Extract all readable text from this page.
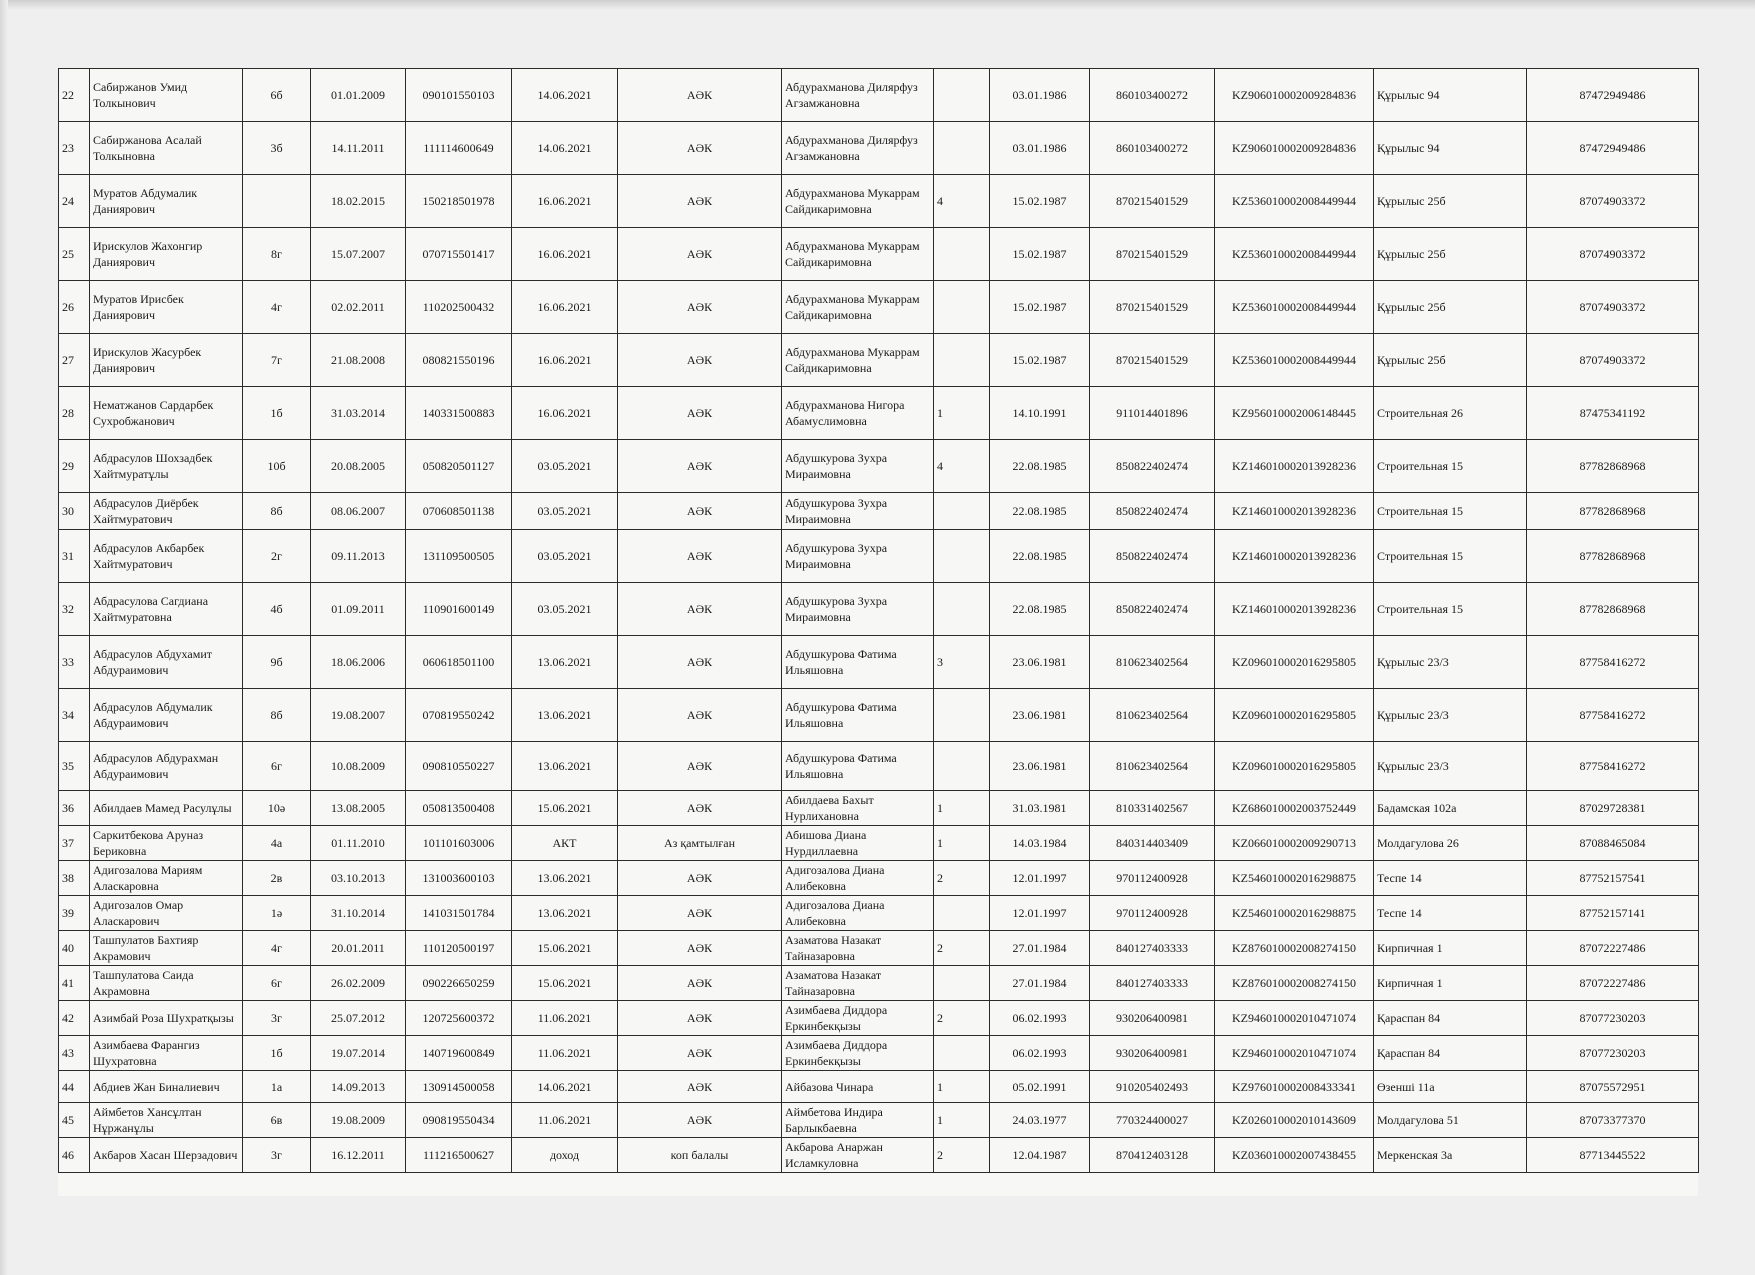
22	Сабиржанов Умид Толкынович	6б	01.01.2009	090101550103	14.06.2021	АӘК	Абдурахманова Дилярфуз Агзамжановна		03.01.1986	860103400272	KZ906010002009284836	Құрылыс 94	87472949486
23	Сабиржанова Асалай Толкыновна	3б	14.11.2011	111114600649	14.06.2021	АӘК	Абдурахманова Дилярфуз Агзамжановна		03.01.1986	860103400272	KZ906010002009284836	Құрылыс 94	87472949486
24	Муратов Абдумалик Даниярович		18.02.2015	150218501978	16.06.2021	АӘК	Абдурахманова Мукаррам Сайдикаримовна	4	15.02.1987	870215401529	KZ536010002008449944	Құрылыс 25б	87074903372
25	Ирискулов Жахонгир Даниярович	8г	15.07.2007	070715501417	16.06.2021	АӘК	Абдурахманова Мукаррам Сайдикаримовна		15.02.1987	870215401529	KZ536010002008449944	Құрылыс 25б	87074903372
26	Муратов Ирисбек Даниярович	4г	02.02.2011	110202500432	16.06.2021	АӘК	Абдурахманова Мукаррам Сайдикаримовна		15.02.1987	870215401529	KZ536010002008449944	Құрылыс 25б	87074903372
27	Ирискулов Жасурбек Даниярович	7г	21.08.2008	080821550196	16.06.2021	АӘК	Абдурахманова Мукаррам Сайдикаримовна		15.02.1987	870215401529	KZ536010002008449944	Құрылыс 25б	87074903372
28	Нематжанов Сардарбек Сухробжанович	1б	31.03.2014	140331500883	16.06.2021	АӘК	Абдурахманова Нигора Абамуслимовна	1	14.10.1991	911014401896	KZ956010002006148445	Строительная 26	87475341192
29	Абдрасулов Шохзадбек Хайтмуратұлы	10б	20.08.2005	050820501127	03.05.2021	АӘК	Абдушкурова Зухра Мираимовна	4	22.08.1985	850822402474	KZ146010002013928236	Строительная 15	87782868968
30	Абдрасулов Диёрбек Хайтмуратович	8б	08.06.2007	070608501138	03.05.2021	АӘК	Абдушкурова Зухра Мираимовна		22.08.1985	850822402474	KZ146010002013928236	Строительная 15	87782868968
31	Абдрасулов Акбарбек Хайтмуратович	2г	09.11.2013	131109500505	03.05.2021	АӘК	Абдушкурова Зухра Мираимовна		22.08.1985	850822402474	KZ146010002013928236	Строительная 15	87782868968
32	Абдрасулова Сагдиана Хайтмуратовна	4б	01.09.2011	110901600149	03.05.2021	АӘК	Абдушкурова Зухра Мираимовна		22.08.1985	850822402474	KZ146010002013928236	Строительная 15	87782868968
33	Абдрасулов Абдухамит Абдураимович	9б	18.06.2006	060618501100	13.06.2021	АӘК	Абдушкурова Фатима Ильяшовна	3	23.06.1981	810623402564	KZ096010002016295805	Құрылыс 23/3	87758416272
34	Абдрасулов Абдумалик Абдураимович	8б	19.08.2007	070819550242	13.06.2021	АӘК	Абдушкурова Фатима Ильяшовна		23.06.1981	810623402564	KZ096010002016295805	Құрылыс 23/3	87758416272
35	Абдрасулов Абдурахман Абдураимович	6г	10.08.2009	090810550227	13.06.2021	АӘК	Абдушкурова Фатима Ильяшовна		23.06.1981	810623402564	KZ096010002016295805	Құрылыс 23/3	87758416272
36	Абилдаев Мамед Расулұлы	10ә	13.08.2005	050813500408	15.06.2021	АӘК	Абилдаева Бахыт Нурлихановна	1	31.03.1981	810331402567	KZ686010002003752449	Бадамская 102а	87029728381
37	Саркитбекова Аруназ Бериковна	4а	01.11.2010	101101603006	АКТ	Аз қамтылған	Абишова Диана Нурдиллаевна	1	14.03.1984	840314403409	KZ066010002009290713	Молдагулова 26	87088465084
38	Адигозалова Мариям Аласкаровна	2в	03.10.2013	131003600103	13.06.2021	АӘК	Адигозалова Диана Алибековна	2	12.01.1997	970112400928	KZ546010002016298875	Теспе 14	87752157541
39	Адигозалов Омар Аласкарович	1ә	31.10.2014	141031501784	13.06.2021	АӘК	Адигозалова Диана Алибековна		12.01.1997	970112400928	KZ546010002016298875	Теспе 14	87752157141
40	Ташпулатов Бахтияр Акрамович	4г	20.01.2011	110120500197	15.06.2021	АӘК	Азаматова Назакат Тайназаровна	2	27.01.1984	840127403333	KZ876010002008274150	Кирпичная 1	87072227486
41	Ташпулатова Саида Акрамовна	6г	26.02.2009	090226650259	15.06.2021	АӘК	Азаматова Назакат Тайназаровна		27.01.1984	840127403333	KZ876010002008274150	Кирпичная 1	87072227486
42	Азимбай Роза Шухратқызы	3г	25.07.2012	120725600372	11.06.2021	АӘК	Азимбаева Диддора Еркинбекқызы	2	06.02.1993	930206400981	KZ946010002010471074	Қараспан 84	87077230203
43	Азимбаева Фарангиз Шухратовна	1б	19.07.2014	140719600849	11.06.2021	АӘК	Азимбаева Диддора Еркинбекқызы		06.02.1993	930206400981	KZ946010002010471074	Қараспан 84	87077230203
44	Абдиев Жан Биналиевич	1а	14.09.2013	130914500058	14.06.2021	АӘК	Айбазова Чинара	1	05.02.1991	910205402493	KZ976010002008433341	Өзенші 11а	87075572951
45	Аймбетов Хансұлтан Нұржанұлы	6в	19.08.2009	090819550434	11.06.2021	АӘК	Аймбетова Индира Барлыкбаевна	1	24.03.1977	770324400027	KZ026010002010143609	Молдагулова 51	87073377370
46	Акбаров Хасан Шерзадович	3г	16.12.2011	111216500627	доход	коп балалы	Акбарова Анаржан Исламкуловна	2	12.04.1987	870412403128	KZ036010002007438455	Меркенская 3а	87713445522
